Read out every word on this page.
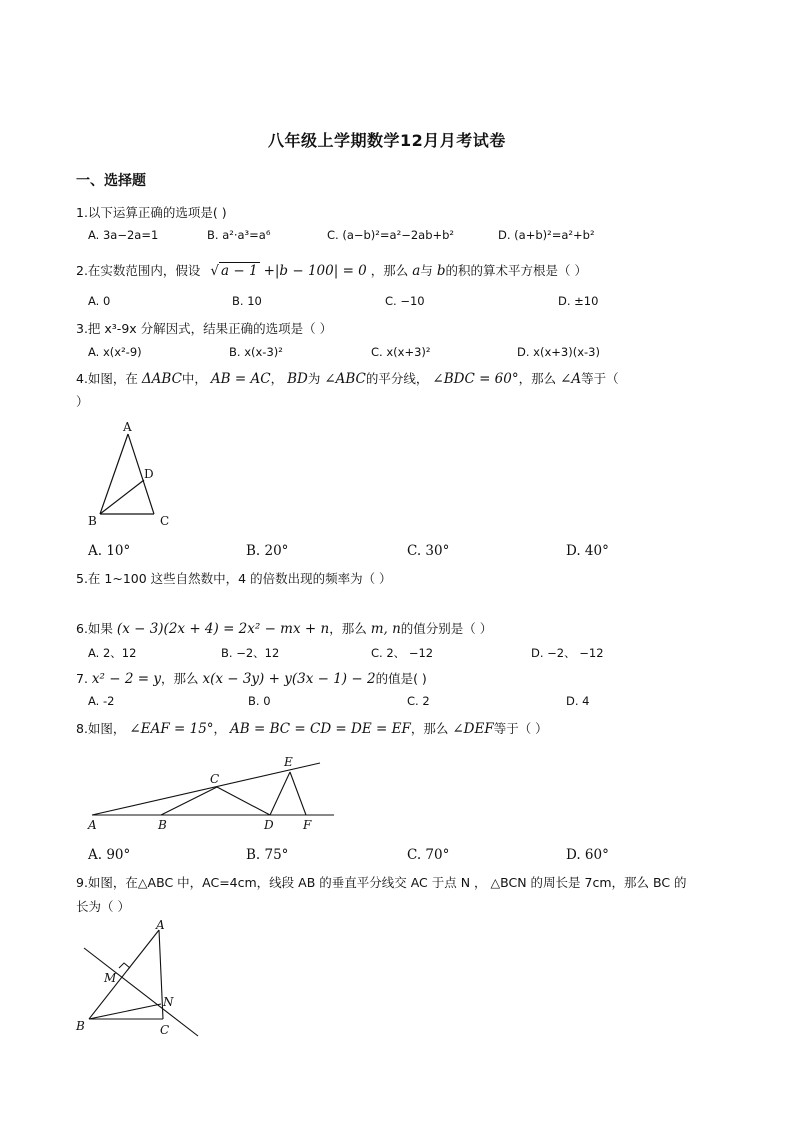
八年级上学期数学12月月考试卷
一、选择题
1.以下运算正确的选项是( )
A. 3a−2a=1	B. a²·a³=a⁶	C. (a−b)²=a²−2ab+b²	D. (a+b)²=a²+b²
2.在实数范围内，假设 √ a − 1 +|b − 100| = 0 ，那么 a与 b的积的算术平方根是（ ）
A. 0	B. 10	C. −10	D. ±10
3.把 x³-9x 分解因式，结果正确的选项是（ ）
A. x(x²-9)	B. x(x-3)²	C. x(x+3)²	D. x(x+3)(x-3)
4.如图，在 ΔABC中， AB = AC， BD为 ∠ABC的平分线， ∠BDC = 60°，那么 ∠A等于（
）
A
D
B	C
A. 10°	B. 20°	C. 30°	D. 40°
5.在 1~100 这些自然数中，4 的倍数出现的频率为（ ）
6.如果 (x − 3)(2x + 4) = 2x² − mx + n，那么 m, n的值分别是（ ）
A. 2、12	B. −2、12	C. 2、 −12	D. −2、 −12
7. x² − 2 = y，那么 x(x − 3y) + y(3x − 1) − 2的值是( )
A. -2	B. 0	C. 2	D. 4
8.如图， ∠EAF = 15°， AB = BC = CD = DE = EF，那么 ∠DEF等于（ ）
C
E
A	B	D F
A. 90°	B. 75°	C. 70°	D. 60°
9.如图，在△ABC 中，AC=4cm，线段 AB 的垂直平分线交 AC 于点 N ， △BCN 的周长是 7cm，那么 BC 的
长为（ ）
A
M
N
B	C
